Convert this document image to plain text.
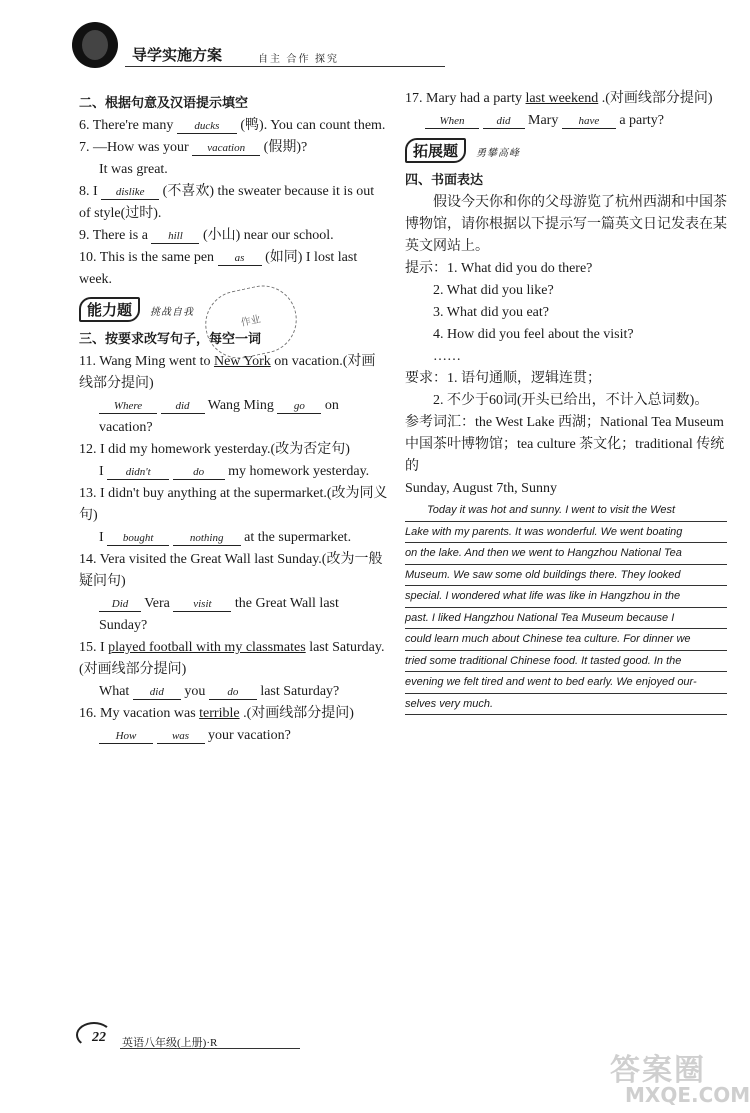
导学实施方案	自主 合作 探究
二、根据句意及汉语提示填空
6. There're many ducks (鸭). You can count them.
7. —How was your vacation (假期)?
It was great.
8. I dislike (不喜欢) the sweater because it is out of style(过时).
9. There is a hill (小山) near our school.
10. This is the same pen as (如同) I lost last week.
能力题 挑战自我
三、按要求改写句子，每空一词
11. Wang Ming went to New York on vacation.(对画线部分提问)
Where	did Wang Ming go on vacation?
12. I did my homework yesterday.(改为否定句)
I didn't	do my homework yesterday.
13. I didn't buy anything at the supermarket.(改为同义句)
I bought	nothing at the supermarket.
14. Vera visited the Great Wall last Sunday.(改为一般疑问句)
Did Vera visit the Great Wall last Sunday?
15. I played football with my classmates last Saturday.(对画线部分提问)
What did you do last Saturday?
16. My vacation was terrible .(对画线部分提问)
How	was your vacation?
作业
17. Mary had a party last weekend .(对画线部分提问)
When	did Mary have a party?
拓展题 勇攀高峰
四、书面表达
假设今天你和你的父母游览了杭州西湖和中国茶博物馆，请你根据以下提示写一篇英文日记发表在某英文网站上。
提示：1. What did you do there?
2. What did you like?
3. What did you eat?
4. How did you feel about the visit?
……
要求：1. 语句通顺，逻辑连贯；
2. 不少于60词(开头已给出，不计入总词数)。
参考词汇：the West Lake 西湖；National Tea Museum 中国茶叶博物馆；tea culture 茶文化；traditional 传统的
Sunday, August 7th, Sunny
Today it was hot and sunny. I went to visit the West
Lake with my parents. It was wonderful. We went boating
on the lake. And then we went to Hangzhou National Tea
Museum. We saw some old buildings there. They looked
special. I wondered what life was like in Hangzhou in the
past. I liked Hangzhou National Tea Museum because I
could learn much about Chinese tea culture. For dinner we
tried some traditional Chinese food. It tasted good. In the
evening we felt tired and went to bed early. We enjoyed our-
selves very much.
22 英语八年级(上册)·R
答案圈
MXQE.COM
